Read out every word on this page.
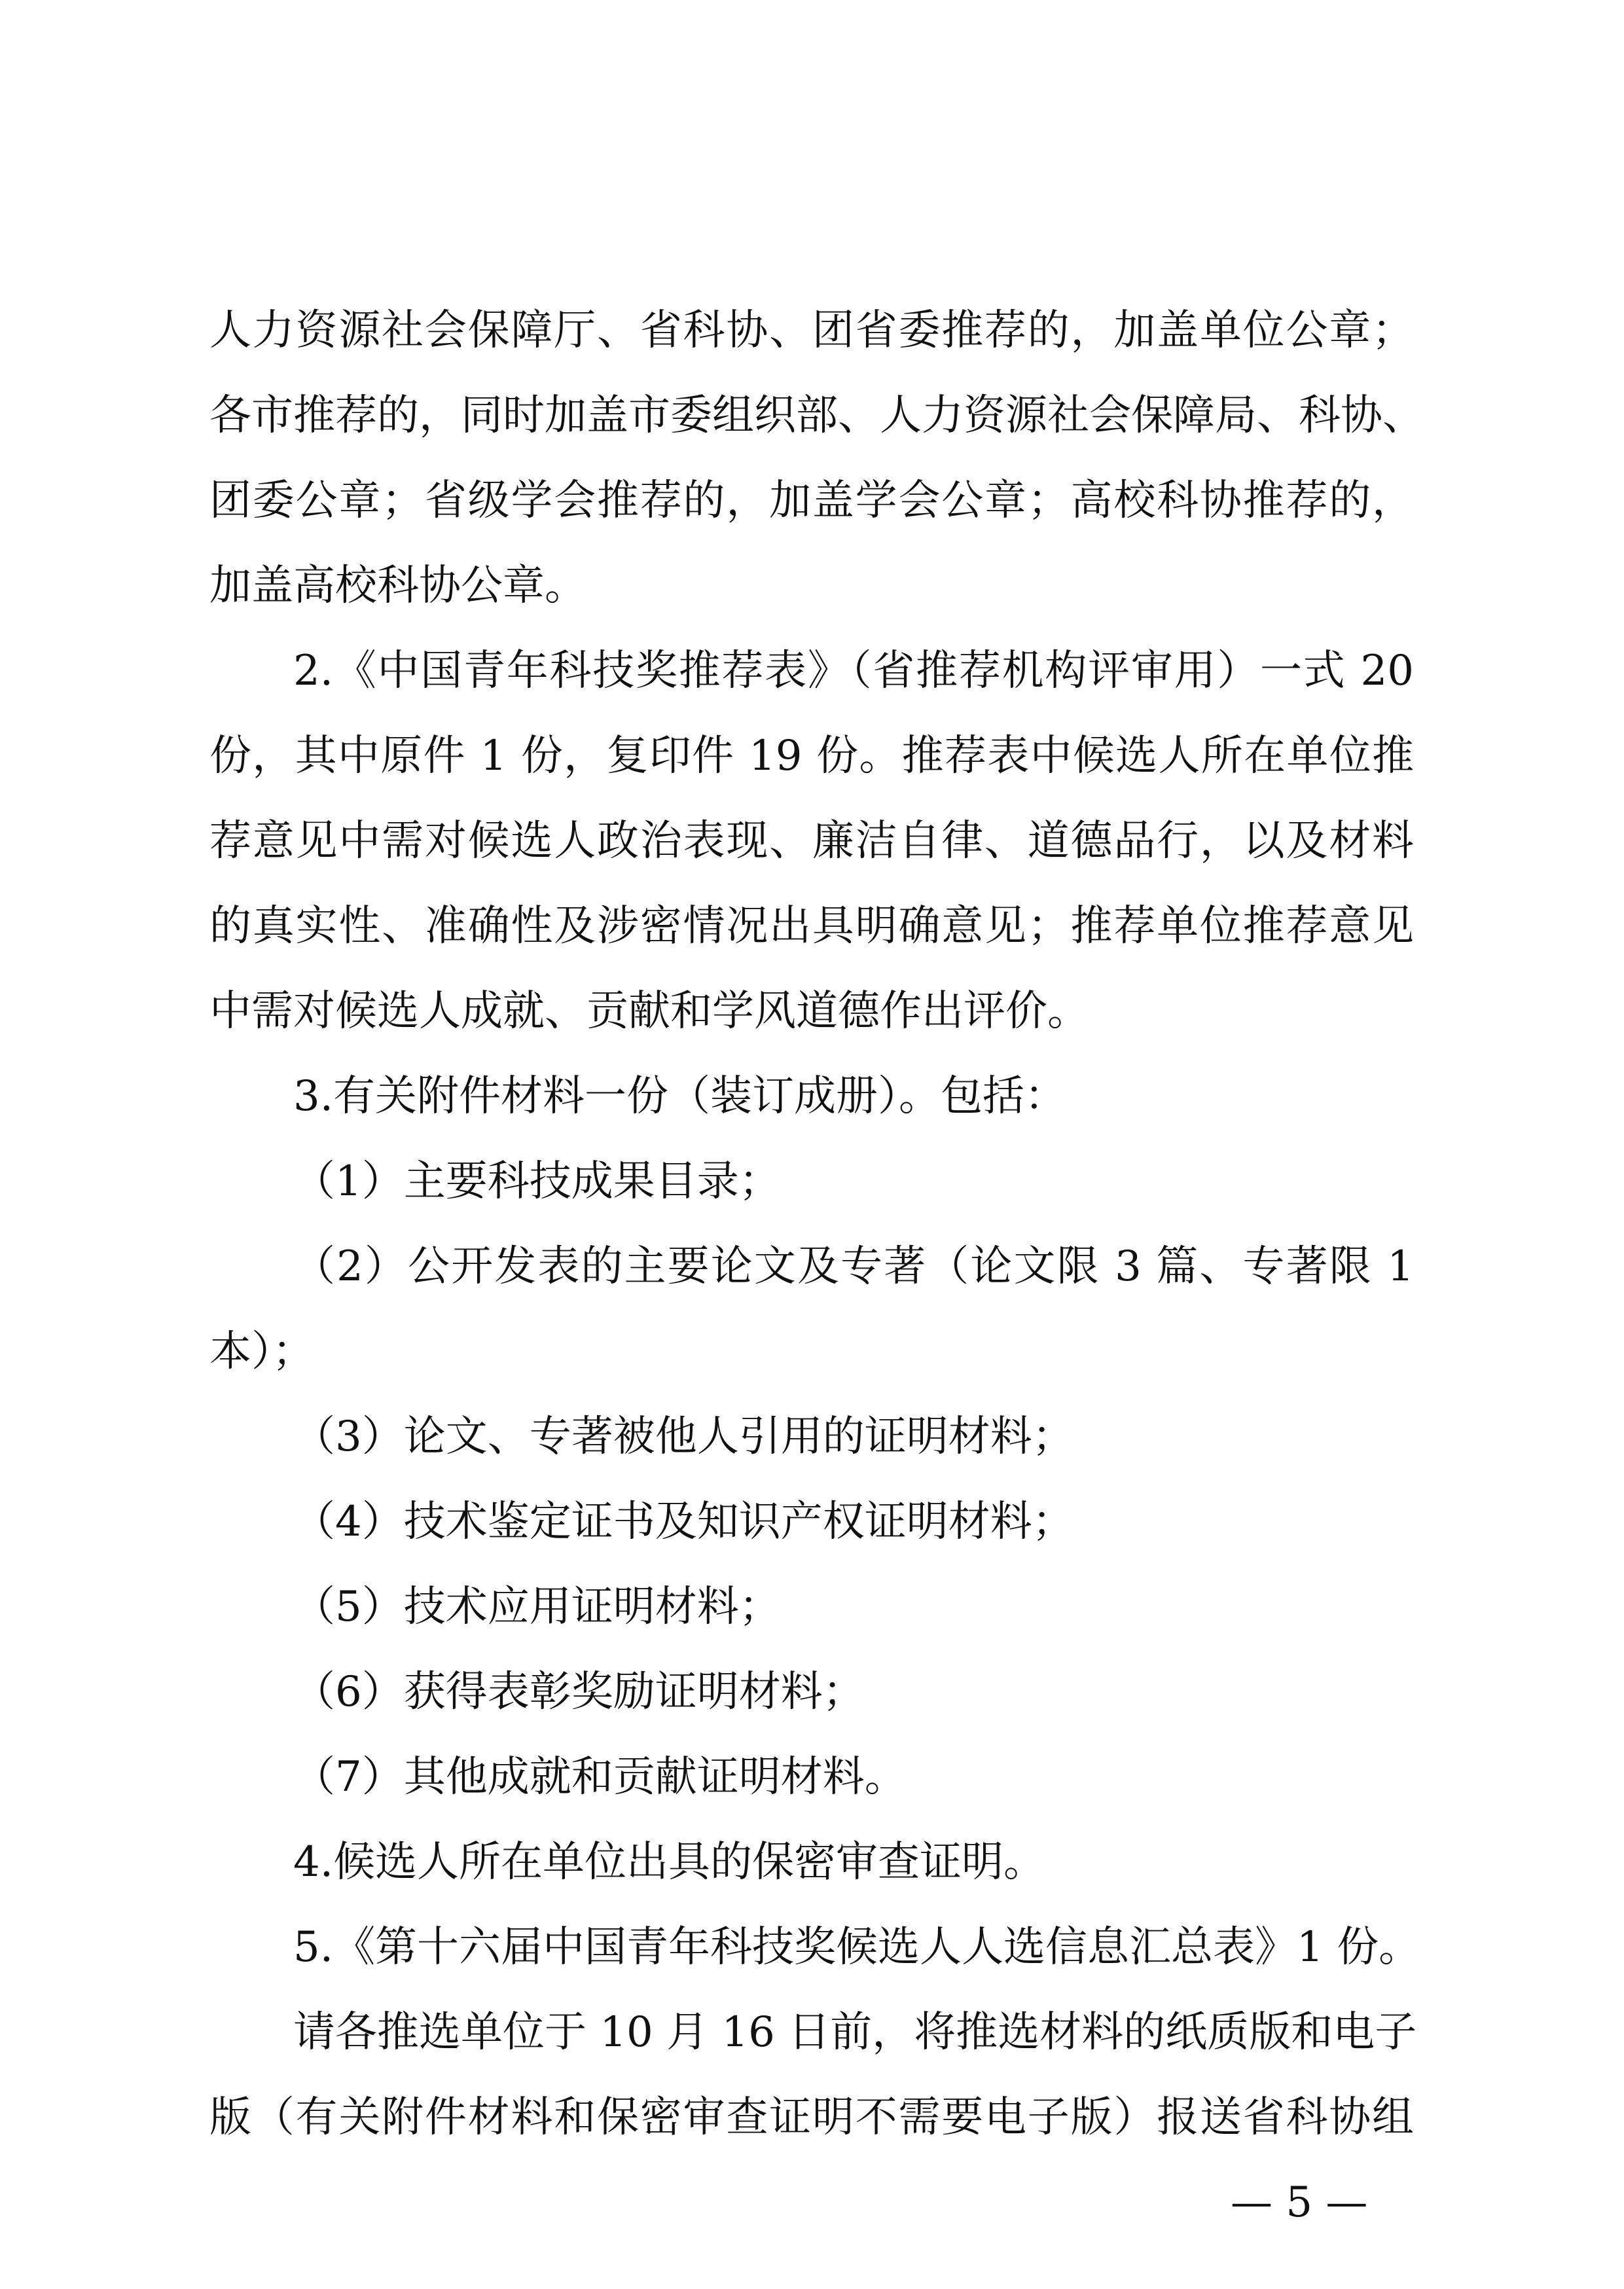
人力资源社会保障厅、省科协、团省委推荐的，加盖单位公章；
各市推荐的，同时加盖市委组织部、人力资源社会保障局、科协、
团委公章；省级学会推荐的，加盖学会公章；高校科协推荐的，
加盖高校科协公章。
2.《中国青年科技奖推荐表》（省推荐机构评审用）一式 20
份，其中原件 1 份，复印件 19 份。推荐表中候选人所在单位推
荐意见中需对候选人政治表现、廉洁自律、道德品行，以及材料
的真实性、准确性及涉密情况出具明确意见；推荐单位推荐意见
中需对候选人成就、贡献和学风道德作出评价。
3.有关附件材料一份（装订成册）。包括：
（1）主要科技成果目录；
（2）公开发表的主要论文及专著（论文限 3 篇、专著限 1
本）；
（3）论文、专著被他人引用的证明材料；
（4）技术鉴定证书及知识产权证明材料；
（5）技术应用证明材料；
（6）获得表彰奖励证明材料；
（7）其他成就和贡献证明材料。
4.候选人所在单位出具的保密审查证明。
5.《第十六届中国青年科技奖候选人人选信息汇总表》1 份。
请各推选单位于 10 月 16 日前，将推选材料的纸质版和电子
版（有关附件材料和保密审查证明不需要电子版）报送省科协组
— 5 —
